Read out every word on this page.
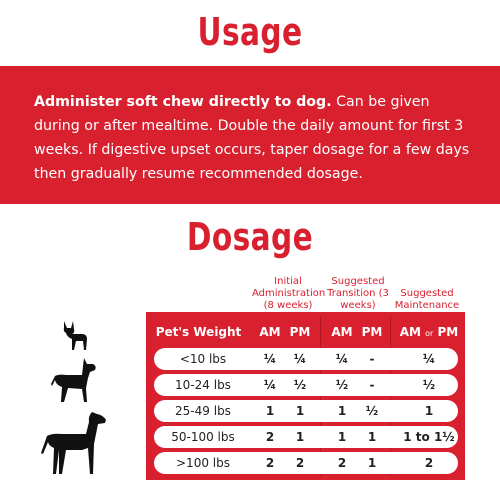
Usage
Administer soft chew directly to dog. Can be given during or after mealtime. Double the daily amount for first 3 weeks. If digestive upset occurs, taper dosage for a few days then gradually resume recommended dosage.
Dosage
Initial Administration (8 weeks)
Suggested Transition (3 weeks)
Suggested Maintenance
Pet's Weight	AM PM	AM PM	AM or PM
<10 lbs	¼	¼	¼	-	¼
10-24 lbs	¼	½	½	-	½
25-49 lbs	1	1	1	½	1
50-100 lbs	2	1	1	1	1 to 1½
>100 lbs	2	2	2	1	2
